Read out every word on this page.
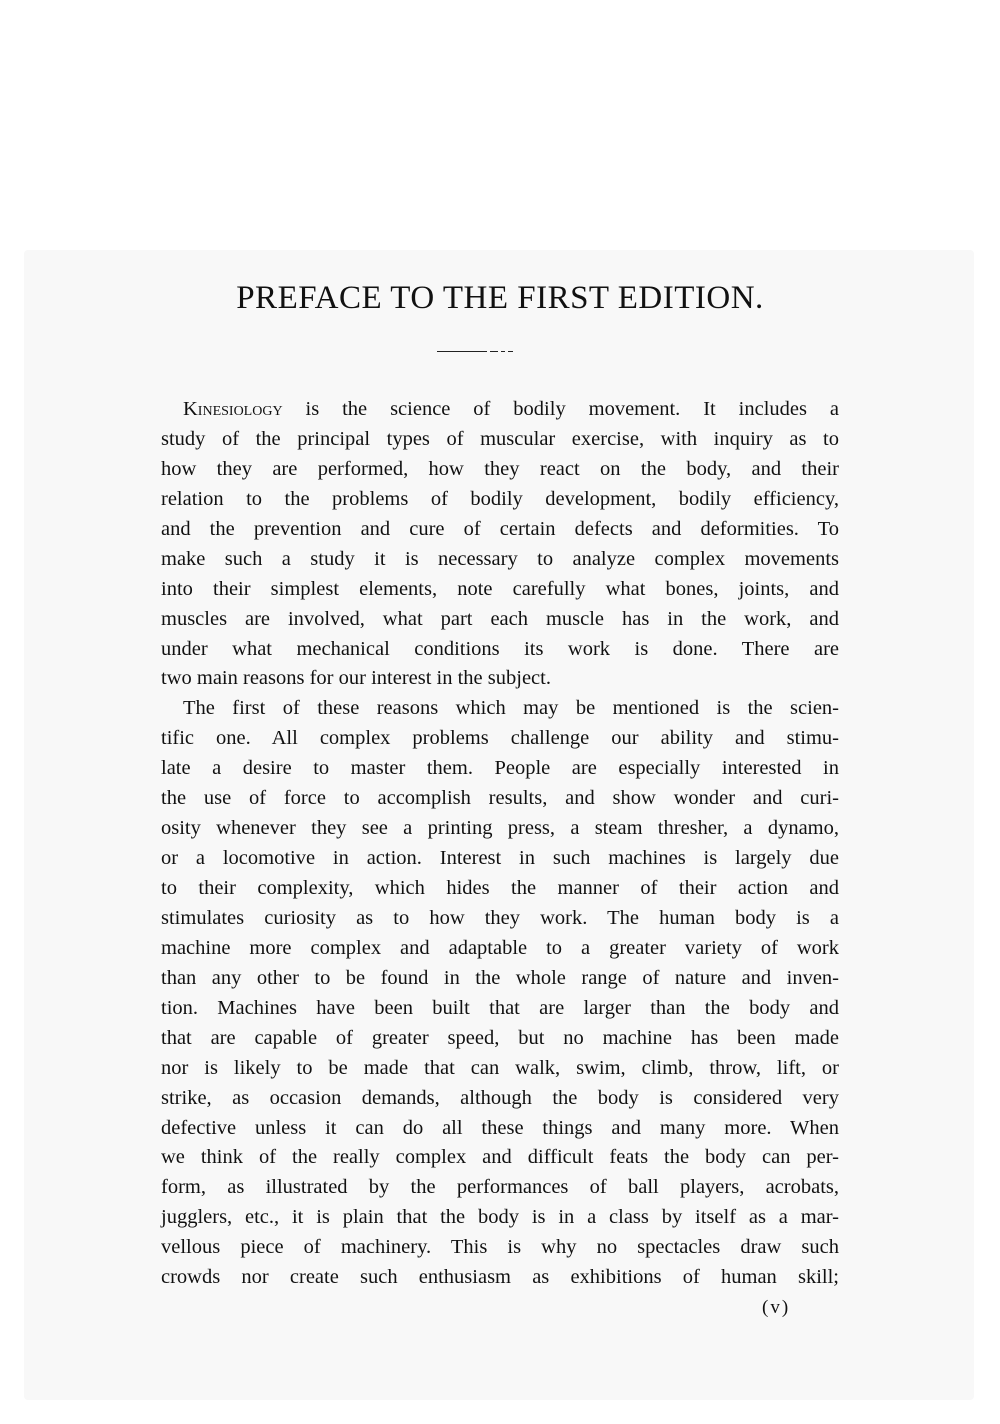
PREFACE TO THE FIRST EDITION.
Kinesiology is the science of bodily movement. It includes a
study of the principal types of muscular exercise, with inquiry as to
how they are performed, how they react on the body, and their
relation to the problems of bodily development, bodily efficiency,
and the prevention and cure of certain defects and deformities. To
make such a study it is necessary to analyze complex movements
into their simplest elements, note carefully what bones, joints, and
muscles are involved, what part each muscle has in the work, and
under what mechanical conditions its work is done. There are
two main reasons for our interest in the subject.
The first of these reasons which may be mentioned is the scien-
tific one. All complex problems challenge our ability and stimu-
late a desire to master them. People are especially interested in
the use of force to accomplish results, and show wonder and curi-
osity whenever they see a printing press, a steam thresher, a dynamo,
or a locomotive in action. Interest in such machines is largely due
to their complexity, which hides the manner of their action and
stimulates curiosity as to how they work. The human body is a
machine more complex and adaptable to a greater variety of work
than any other to be found in the whole range of nature and inven-
tion. Machines have been built that are larger than the body and
that are capable of greater speed, but no machine has been made
nor is likely to be made that can walk, swim, climb, throw, lift, or
strike, as occasion demands, although the body is considered very
defective unless it can do all these things and many more. When
we think of the really complex and difficult feats the body can per-
form, as illustrated by the performances of ball players, acrobats,
jugglers, etc., it is plain that the body is in a class by itself as a mar-
vellous piece of machinery. This is why no spectacles draw such
crowds nor create such enthusiasm as exhibitions of human skill;
(v)
